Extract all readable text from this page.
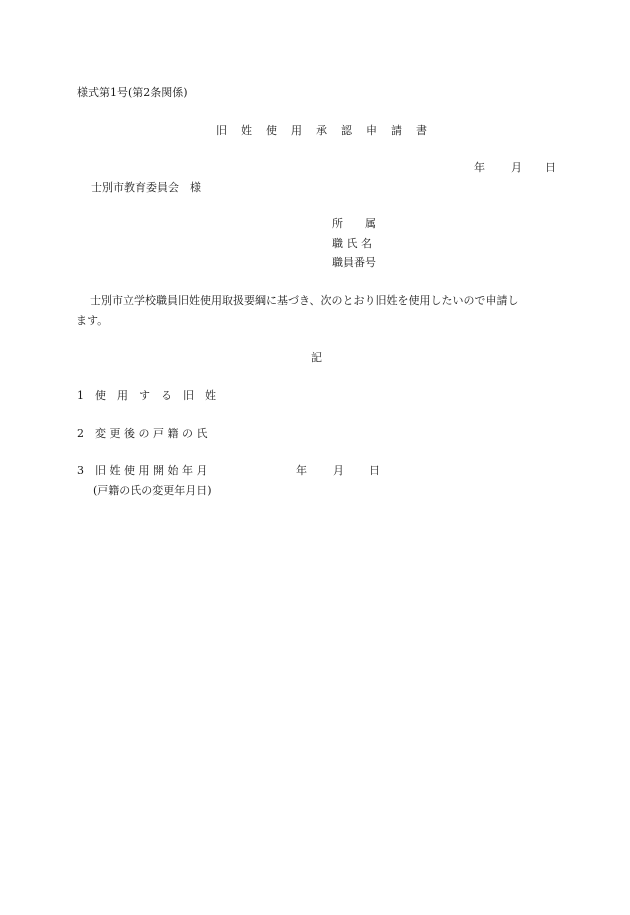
様式第1号(第2条関係)
旧 姓 使 用 承 認 申 請 書
年 月 日
士別市教育委員会　様
所　　属
職 氏 名
職員番号
士別市立学校職員旧姓使用取扱要綱に基づき、次のとおり旧姓を使用したいので申請し
ます。
記
1 使　用　す　る　旧　姓
2 変 更 後 の 戸 籍 の 氏
3 旧 姓 使 用 開 始 年 月
(戸籍の氏の変更年月日)
年 月 日
